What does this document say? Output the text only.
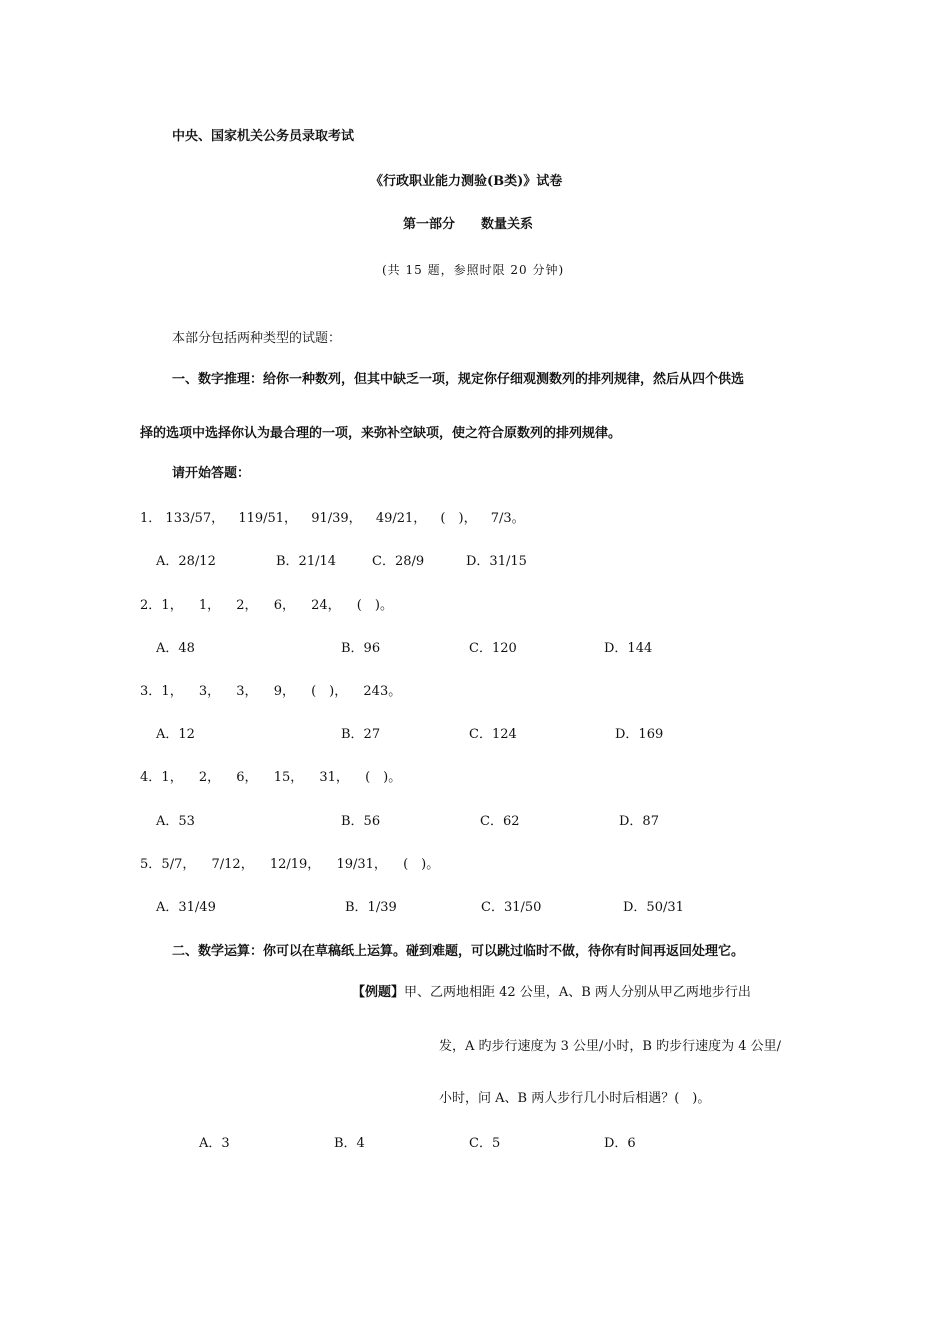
中央、国家机关公务员录取考试
《行政职业能力测验(B类)》试卷
第一部分　　数量关系
(共 15 题，参照时限 20 分钟)
本部分包括两种类型的试题：
一、数字推理：给你一种数列，但其中缺乏一项，规定你仔细观测数列的排列规律，然后从四个供选
择的选项中选择你认为最合理的一项，来弥补空缺项，使之符合原数列的排列规律。
请开始答题：
1． 133/57， 119/51， 91/39， 49/21， (　)， 7/3。
A．28/12	B．21/14	C．28/9	D．31/15
2． 1， 1， 2， 6， 24， (　)。
A．48	B．96	C．120	D．144
3． 1， 3， 3， 9， (　)， 243。
A．12	B．27	C．124	D．169
4． 1， 2， 6， 15， 31， (　)。
A．53	B．56	C．62	D．87
5． 5/7， 7/12， 12/19， 19/31， (　)。
A．31/49	B．1/39	C．31/50	D．50/31
二、数学运算：你可以在草稿纸上运算。碰到难题，可以跳过临时不做，待你有时间再返回处理它。
【例题】甲、乙两地相距 42 公里，A、B 两人分别从甲乙两地步行出
发，A 旳步行速度为 3 公里/小时，B 旳步行速度为 4 公里/
小时，问 A、B 两人步行几小时后相遇？(　)。
A．3	B．4	C．5	D．6
